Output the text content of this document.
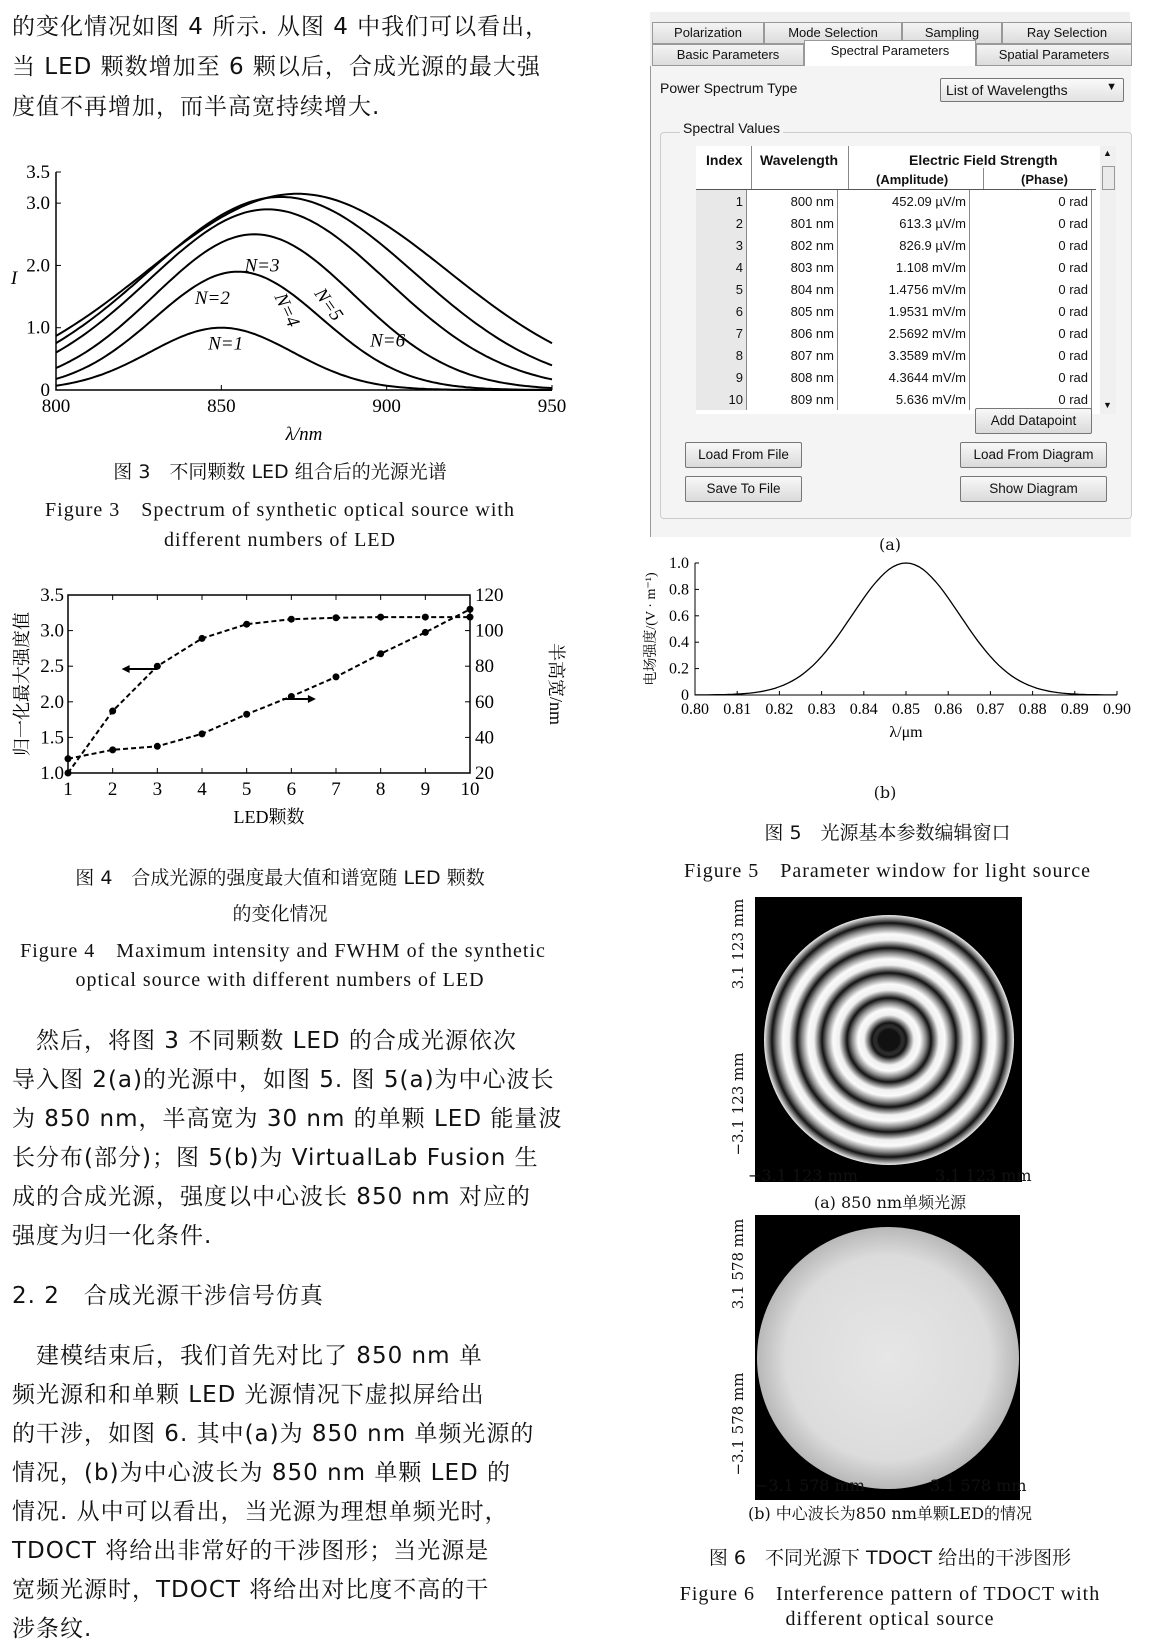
的变化情况如图 4 所示. 从图 4 中我们可以看出，
当 LED 颗数增加至 6 颗以后，合成光源的最大强
度值不再增加，而半高宽持续增大.
800	850	900	950
0
1.0
2.0
3.0
3.5
λ/nm
I
N=1
N=2
N=3
N=4 N=5
N=6
图 3　不同颗数 LED 组合后的光源光谱
Figure 3　Spectrum of synthetic optical source with
different numbers of LED
1 2 3 4 5 6 7 8 9 10
1.0
1.5
2.0
2.5
3.0
3.5
20
40
60
80
100
120
LED颗数
归一化最大强度值	半高宽/nm
图 4　合成光源的强度最大值和谱宽随 LED 颗数
的变化情况
Figure 4　Maximum intensity and FWHM of the synthetic
optical source with different numbers of LED
　然后，将图 3 不同颗数 LED 的合成光源依次
导入图 2(a)的光源中，如图 5. 图 5(a)为中心波长
为 850 nm，半高宽为 30 nm 的单颗 LED 能量波
长分布(部分)；图 5(b)为 VirtualLab Fusion 生
成的合成光源，强度以中心波长 850 nm 对应的
强度为归一化条件.
2. 2　合成光源干涉信号仿真
　建模结束后，我们首先对比了 850 nm 单
频光源和和单颗 LED 光源情况下虚拟屏给出
的干涉，如图 6. 其中(a)为 850 nm 单频光源的
情况，(b)为中心波长为 850 nm 单颗 LED 的
情况. 从中可以看出，当光源为理想单频光时，
TDOCT 将给出非常好的干涉图形；当光源是
宽频光源时，TDOCT 将给出对比度不高的干
涉条纹.
Polarization	Mode Selection	Sampling	Ray Selection
Basic Parameters	Spectral Parameters	Spatial Parameters
Power Spectrum Type	List of Wavelengths	▼
Spectral Values
Index Wavelength	Electric Field Strength
(Amplitude)	(Phase)
1	800 nm	452.09 µV/m	0 rad
2	801 nm	613.3 µV/m	0 rad
3	802 nm	826.9 µV/m	0 rad
4	803 nm	1.108 mV/m	0 rad
5	804 nm	1.4756 mV/m	0 rad
6	805 nm	1.9531 mV/m	0 rad
7	806 nm	2.5692 mV/m	0 rad
8	807 nm	3.3589 mV/m	0 rad
9	808 nm	4.3644 mV/m	0 rad
10	809 nm	5.636 mV/m	0 rad
▲
▼
Add Datapoint
Load From File	Load From Diagram
Save To File	Show Diagram
(a)
0.80 0.81 0.82 0.83 0.84 0.85 0.86 0.87 0.88 0.89 0.90
0
0.2
0.4
0.6
0.8
1.0
λ/μm
电场强度/(V · m⁻¹)
(b)
图 5　光源基本参数编辑窗口
Figure 5　Parameter window for light source
3.1 123 mm
−3.1 123 mm
−3.1 123 mm	3.1 123 mm
(a) 850 nm单频光源
3.1 578 mm
−3.1 578 mm
−3.1 578 mm	3.1 578 mm
(b) 中心波长为850 nm单颗LED的情况
图 6　不同光源下 TDOCT 给出的干涉图形
Figure 6　Interference pattern of TDOCT with
different optical source
